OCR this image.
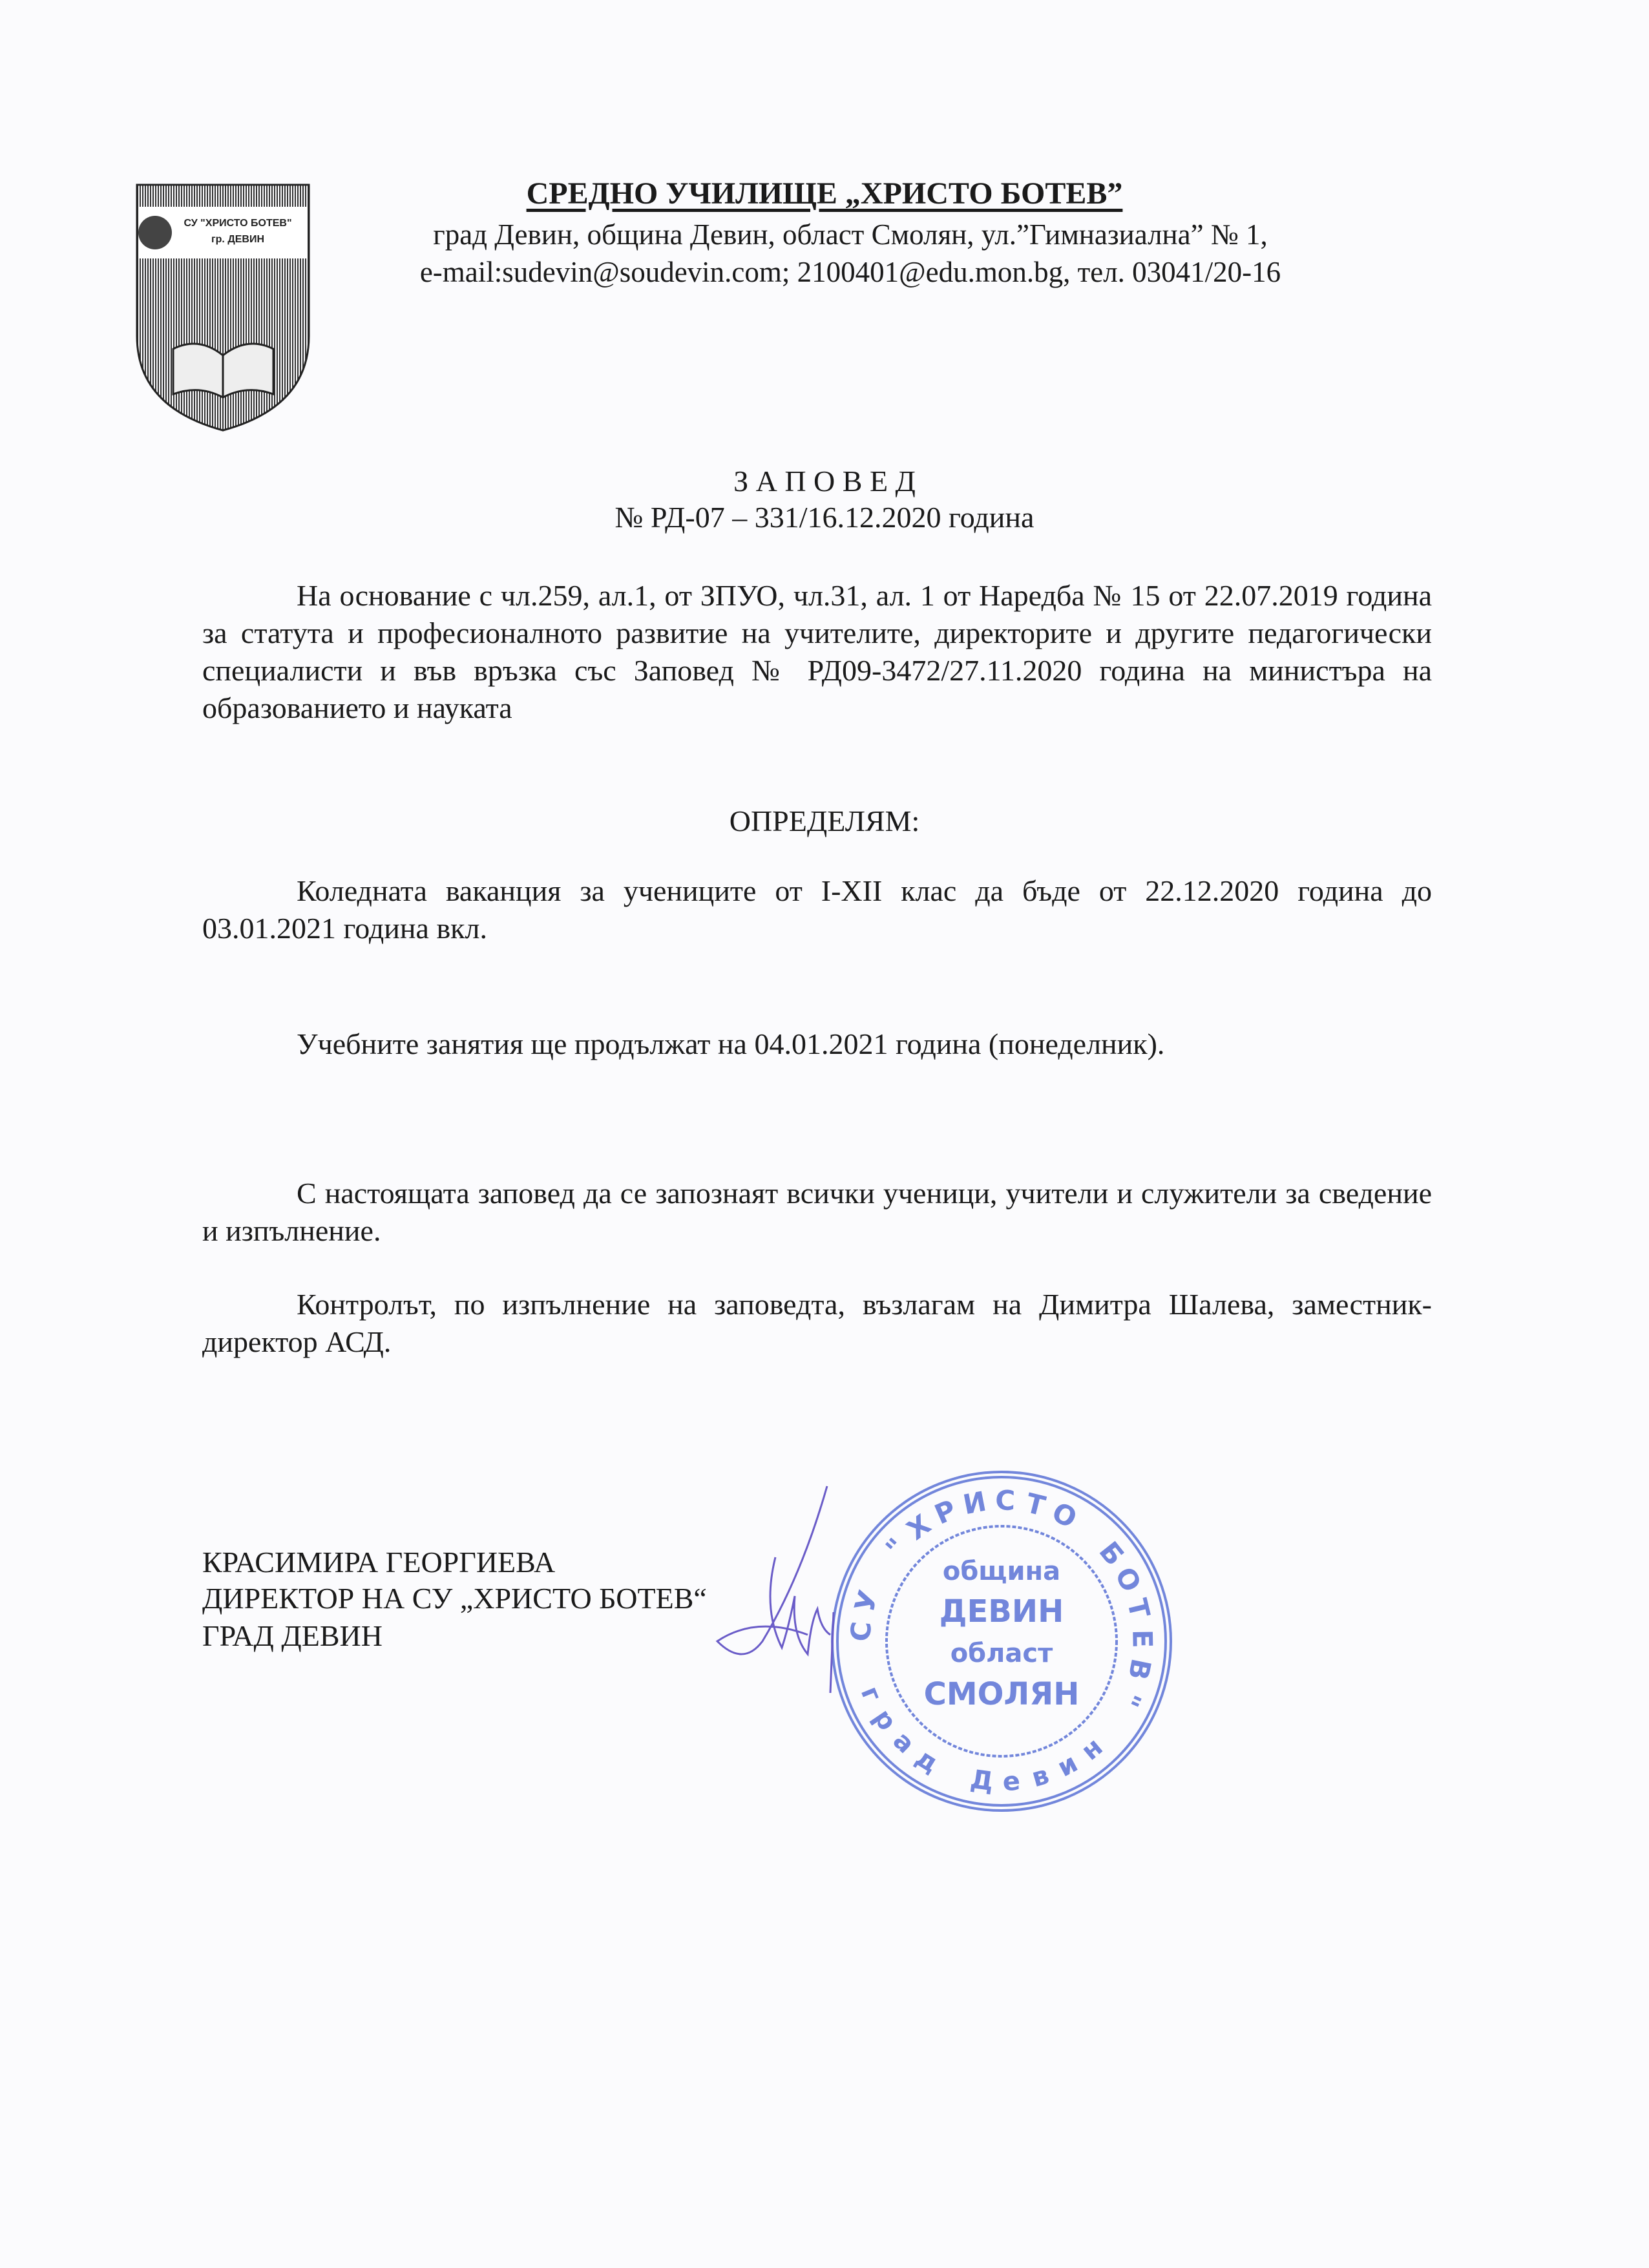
СУ "ХРИСТО БОТЕВ"
гр. ДЕВИН
СРЕДНО УЧИЛИЩЕ „ХРИСТО БОТЕВ”
град Девин, община Девин, област Смолян, ул.”Гимназиална” № 1,
e-mail:sudevin@soudevin.com; 2100401@edu.mon.bg, тел. 03041/20-16
З А П О В Е Д
№ РД-07 – 331/16.12.2020 година
На основание с чл.259, ал.1, от ЗПУО, чл.31, ал. 1 от Наредба № 15 от 22.07.2019 година за статута и професионалното развитие на учителите, директорите и другите педагогически специалисти и във връзка със Заповед № РД09-3472/27.11.2020 година на министъра на образованието и науката
ОПРЕДЕЛЯМ:
Коледната ваканция за учениците от I-XII клас да бъде от 22.12.2020 година до 03.01.2021 година вкл.
Учебните занятия ще продължат на 04.01.2021 година (понеделник).
С настоящата заповед да се запознаят всички ученици, учители и служители за сведение и изпълнение.
Контролът, по изпълнение на заповедта, възлагам на Димитра Шалева, заместник-директор АСД.
КРАСИМИРА ГЕОРГИЕВА
ДИРЕКТОР НА СУ „ХРИСТО БОТЕВ“
ГРАД ДЕВИН	С
У
"
Х
Р И С Т
О
Б
О
Т
Е
В
"
г
р
а
д
Д е в и
н
община
ДЕВИН
област
СМОЛЯН
